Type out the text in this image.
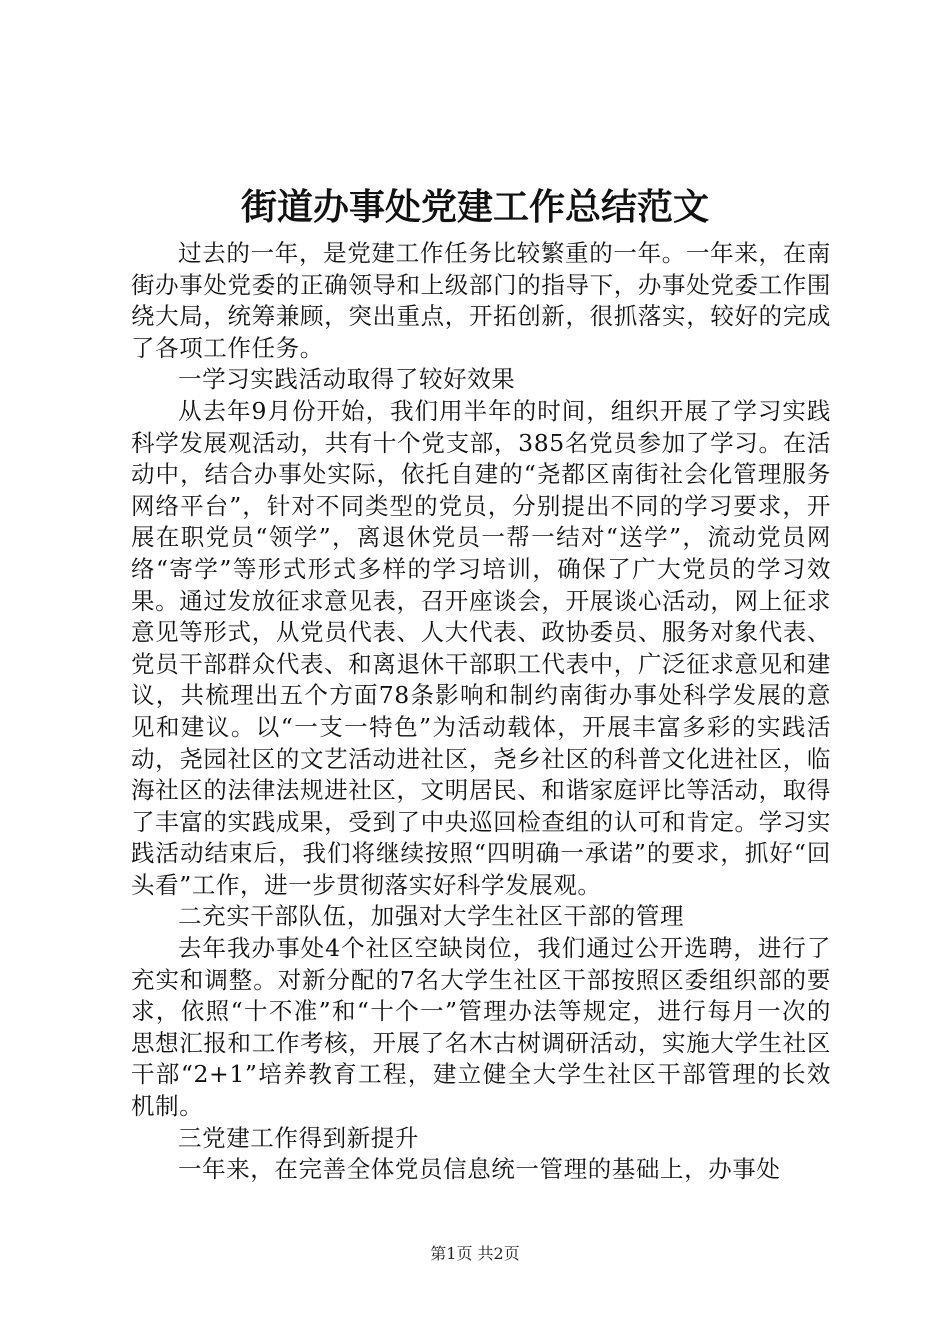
街道办事处党建工作总结范文

过去的一年，是党建工作任务比较繁重的一年。一年来，在南街办事处党委的正确领导和上级部门的指导下，办事处党委工作围绕大局，统筹兼顾，突出重点，开拓创新，很抓落实，较好的完成了各项工作任务。

一学习实践活动取得了较好效果

从去年9月份开始，我们用半年的时间，组织开展了学习实践科学发展观活动，共有十个党支部，385名党员参加了学习。在活动中，结合办事处实际，依托自建的“尧都区南街社会化管理服务网络平台”，针对不同类型的党员，分别提出不同的学习要求，开展在职党员“领学”，离退休党员一帮一结对“送学”，流动党员网络“寄学”等形式形式多样的学习培训，确保了广大党员的学习效果。通过发放征求意见表，召开座谈会，开展谈心活动，网上征求意见等形式，从党员代表、人大代表、政协委员、服务对象代表、党员干部群众代表、和离退休干部职工代表中，广泛征求意见和建议，共梳理出五个方面78条影响和制约南街办事处科学发展的意见和建议。以“一支一特色”为活动载体，开展丰富多彩的实践活动，尧园社区的文艺活动进社区，尧乡社区的科普文化进社区，临海社区的法律法规进社区，文明居民、和谐家庭评比等活动，取得了丰富的实践成果，受到了中央巡回检查组的认可和肯定。学习实践活动结束后，我们将继续按照“四明确一承诺”的要求，抓好“回头看”工作，进一步贯彻落实好科学发展观。

二充实干部队伍，加强对大学生社区干部的管理

去年我办事处4个社区空缺岗位，我们通过公开选聘，进行了充实和调整。对新分配的7名大学生社区干部按照区委组织部的要求，依照“十不准”和“十个一”管理办法等规定，进行每月一次的思想汇报和工作考核，开展了名木古树调研活动，实施大学生社区干部“2+1”培养教育工程，建立健全大学生社区干部管理的长效机制。

三党建工作得到新提升

一年来，在完善全体党员信息统一管理的基础上，办事处

第1页 共2页
